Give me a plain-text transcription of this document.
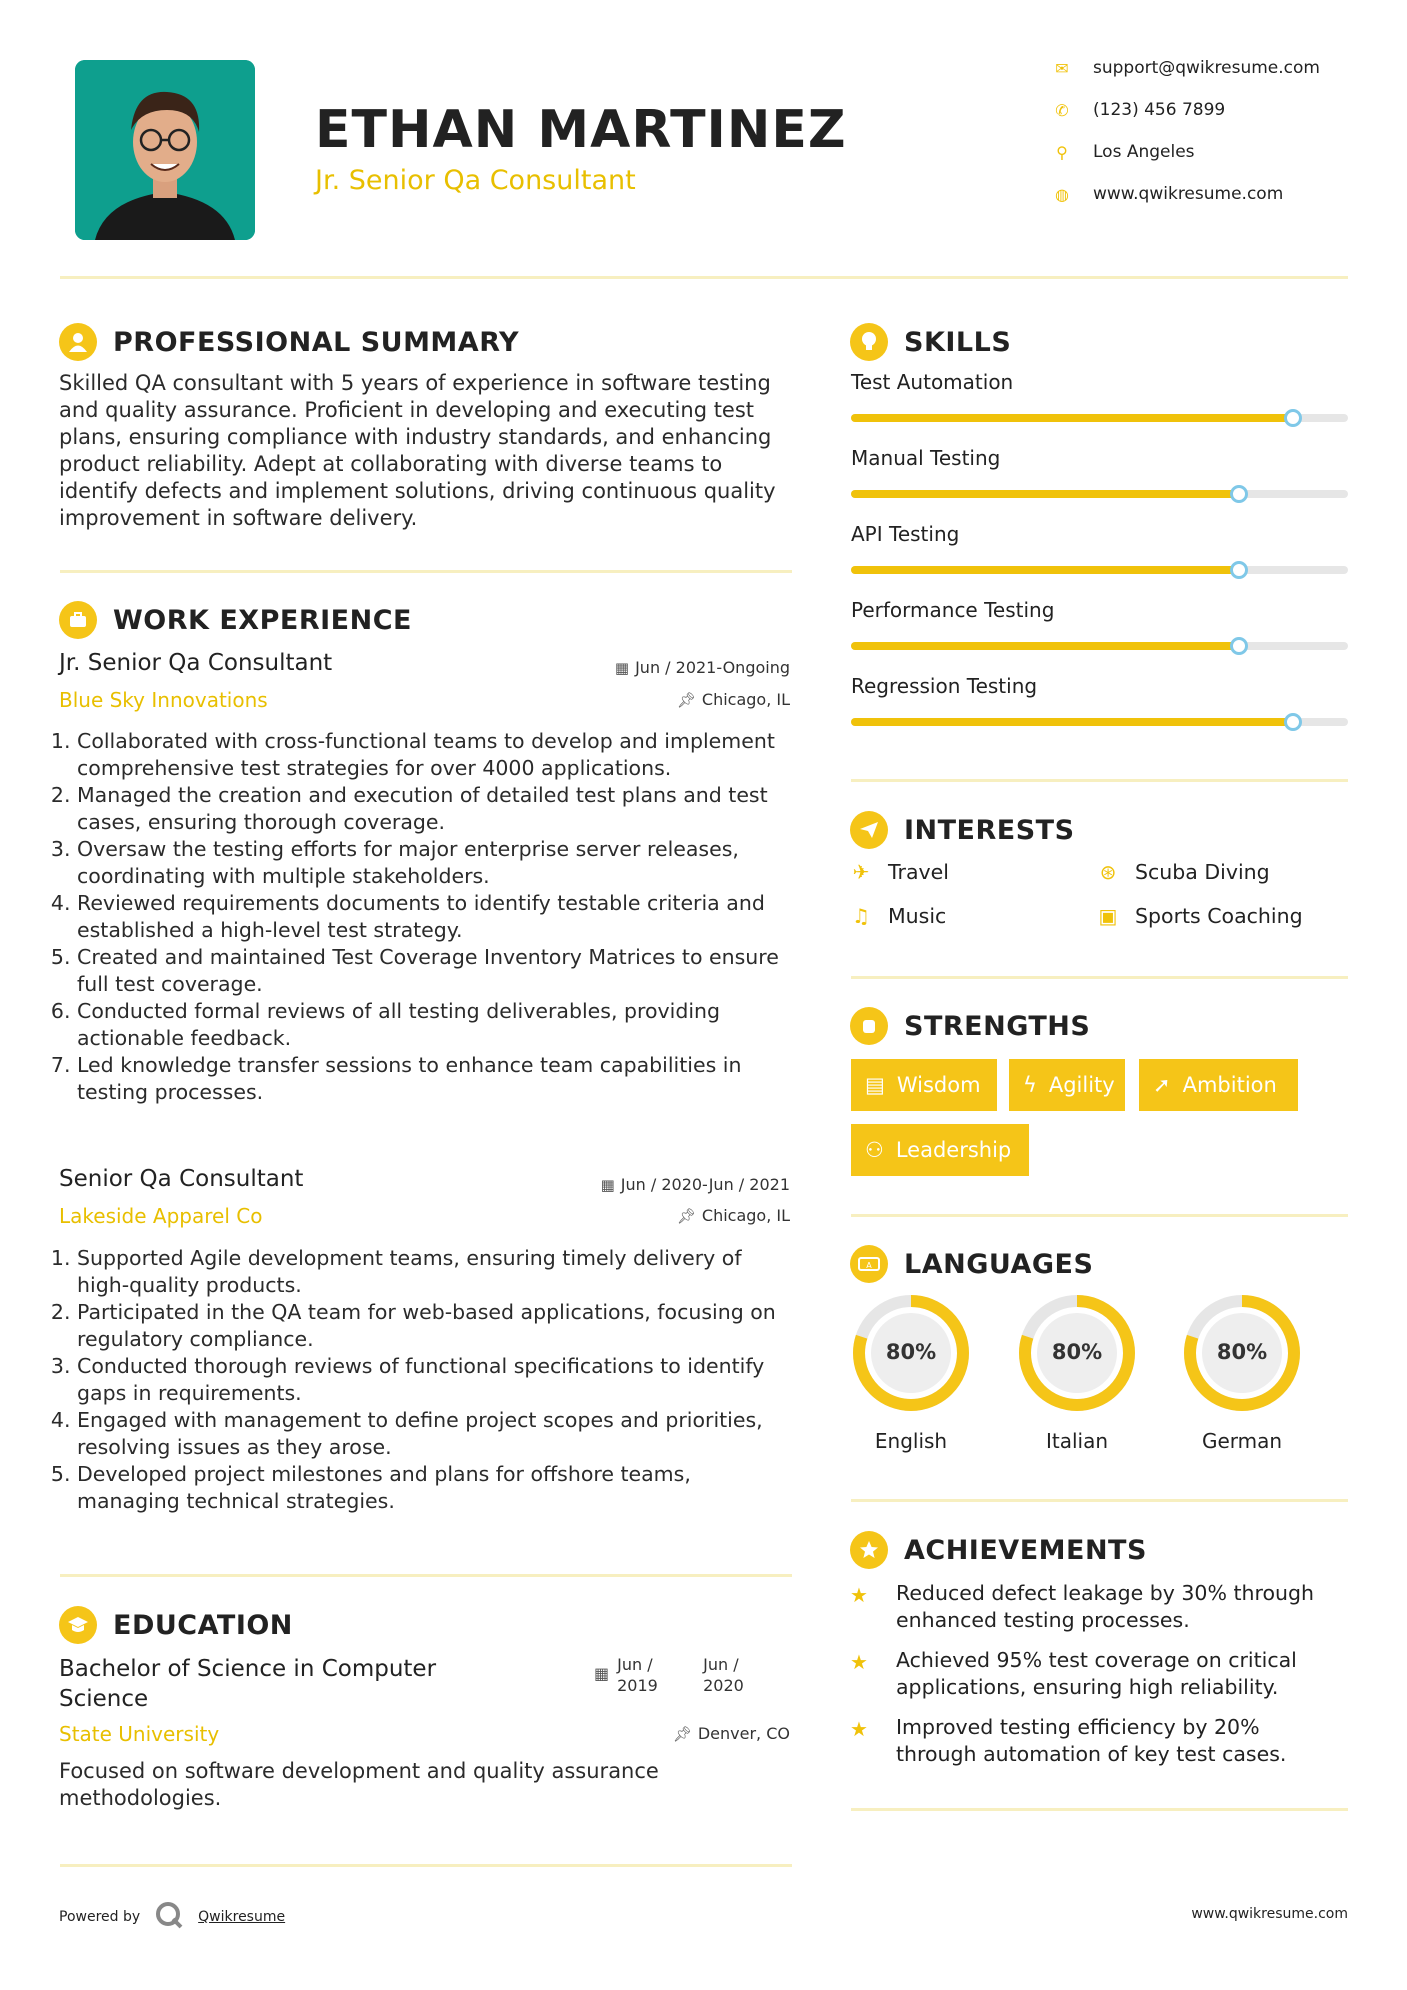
ETHAN MARTINEZ
Jr. Senior Qa Consultant
✉ support@qwikresume.com
✆ (123) 456 7899
⚲ Los Angeles
◍ www.qwikresume.com
PROFESSIONAL SUMMARY
Skilled QA consultant with 5 years of experience in software testing and quality assurance. Proficient in developing and executing test plans, ensuring compliance with industry standards, and enhancing product reliability. Adept at collaborating with diverse teams to identify defects and implement solutions, driving continuous quality improvement in software delivery.
WORK EXPERIENCE
Jr. Senior Qa Consultant	▦ Jun / 2021-Ongoing
Blue Sky Innovations	📌︎ Chicago, IL
1. Collaborated with cross-functional teams to develop and implement comprehensive test strategies for over 4000 applications.
2. Managed the creation and execution of detailed test plans and test cases, ensuring thorough coverage.
3. Oversaw the testing efforts for major enterprise server releases, coordinating with multiple stakeholders.
4. Reviewed requirements documents to identify testable criteria and established a high-level test strategy.
5. Created and maintained Test Coverage Inventory Matrices to ensure full test coverage.
6. Conducted formal reviews of all testing deliverables, providing actionable feedback.
7. Led knowledge transfer sessions to enhance team capabilities in testing processes.
Senior Qa Consultant	▦ Jun / 2020-Jun / 2021
Lakeside Apparel Co	📌︎ Chicago, IL
1. Supported Agile development teams, ensuring timely delivery of high-quality products.
2. Participated in the QA team for web-based applications, focusing on regulatory compliance.
3. Conducted thorough reviews of functional specifications to identify gaps in requirements.
4. Engaged with management to define project scopes and priorities, resolving issues as they arose.
5. Developed project milestones and plans for offshore teams, managing technical strategies.
EDUCATION
Bachelor of Science in Computer Science
▦ Jun / 2019
Jun / 2020
State University	📌︎ Denver, CO
Focused on software development and quality assurance methodologies.
SKILLS
Test Automation
Manual Testing
API Testing
Performance Testing
Regression Testing
INTERESTS
✈ Travel	⊛ Scuba Diving
♫ Music	▣ Sports Coaching
STRENGTHS
▤ Wisdom ϟ Agility ➚ Ambition
⚇ Leadership
A LANGUAGES
80%
English
80%
Italian
80%
German
ACHIEVEMENTS
★	Reduced defect leakage by 30% through enhanced testing processes.
★	Achieved 95% test coverage on critical applications, ensuring high reliability.
★	Improved testing efficiency by 20% through automation of key test cases.
Powered by	Qwikresume	www.qwikresume.com
